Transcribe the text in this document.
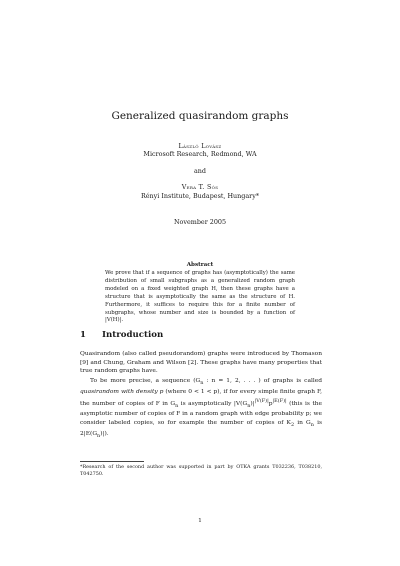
Generalized quasirandom graphs
László Lovász
Microsoft Research, Redmond, WA
and
Vera T. Sós
Rényi Institute, Budapest, Hungary*
November 2005
Abstract
We prove that if a sequence of graphs has (asymptotically) the same distribution of small subgraphs as a generalized random graph modeled on a fixed weighted graph H, then these graphs have a structure that is asymptotically the same as the structure of H. Furthermore, it suffices to require this for a finite number of subgraphs, whose number and size is bounded by a function of |V(H)|.
1 Introduction
Quasirandom (also called pseudorandom) graphs were introduced by Thomason [9] and Chung, Graham and Wilson [2]. These graphs have many properties that true random graphs have.
To be more precise, a sequence ($G_n$ : n = 1, 2, . . . ) of graphs is called quasirandom with density p (where 0 < 1 < p), if for every simple finite graph F, the number of copies of F in $G_n$ is asymptotically $|V(G_n)|^{|V(F)|}p^{|E(F)|}$ (this is the asymptotic number of copies of F in a random graph with edge probability p; we consider labeled copies, so for example the number of copies of $K_2$ in $G_n$ is $2|E(G_n)|$).
*Research of the second author was supported in part by OTKA grants T032236, T038210, T042750.
1
